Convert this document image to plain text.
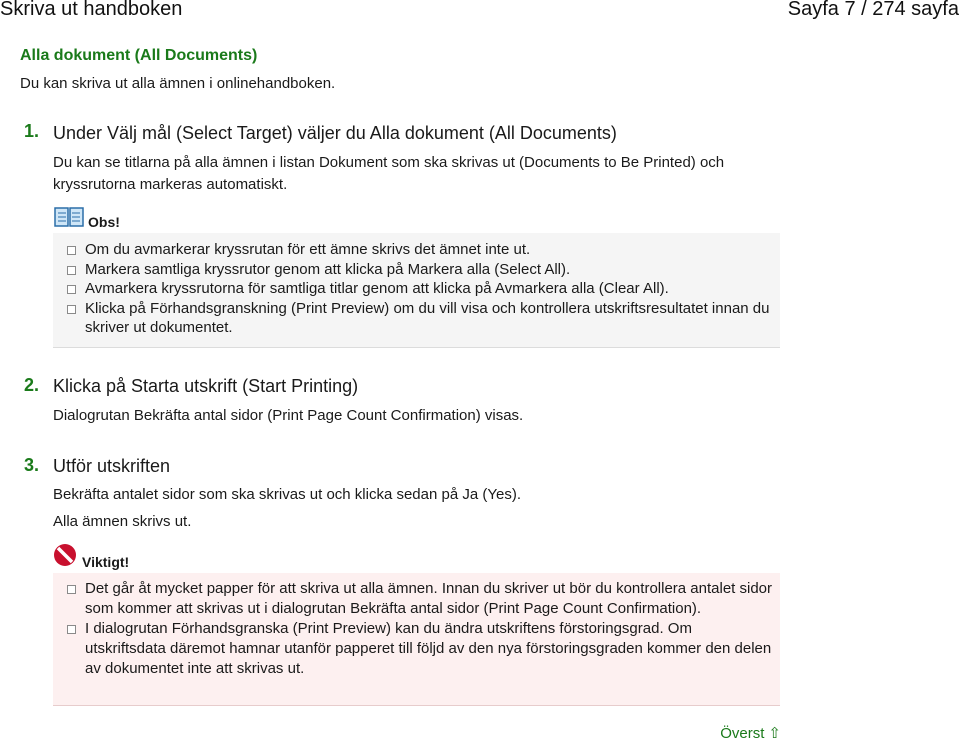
Skriva ut handboken	Sayfa 7 / 274 sayfa
Alla dokument (All Documents)
Du kan skriva ut alla ämnen i onlinehandboken.
1. Under Välj mål (Select Target) väljer du Alla dokument (All Documents)
Du kan se titlarna på alla ämnen i listan Dokument som ska skrivas ut (Documents to Be Printed) och kryssrutorna markeras automatiskt.
Obs!
Om du avmarkerar kryssrutan för ett ämne skrivs det ämnet inte ut.
Markera samtliga kryssrutor genom att klicka på Markera alla (Select All).
Avmarkera kryssrutorna för samtliga titlar genom att klicka på Avmarkera alla (Clear All).
Klicka på Förhandsgranskning (Print Preview) om du vill visa och kontrollera utskriftsresultatet innan du skriver ut dokumentet.
2. Klicka på Starta utskrift (Start Printing)
Dialogrutan Bekräfta antal sidor (Print Page Count Confirmation) visas.
3. Utför utskriften
Bekräfta antalet sidor som ska skrivas ut och klicka sedan på Ja (Yes).
Alla ämnen skrivs ut.
Viktigt!
Det går åt mycket papper för att skriva ut alla ämnen. Innan du skriver ut bör du kontrollera antalet sidor som kommer att skrivas ut i dialogrutan Bekräfta antal sidor (Print Page Count Confirmation).
I dialogrutan Förhandsgranska (Print Preview) kan du ändra utskriftens förstoringsgrad. Om utskriftsdata däremot hamnar utanför papperet till följd av den nya förstoringsgraden kommer den delen av dokumentet inte att skrivas ut.
Överst ⇧
